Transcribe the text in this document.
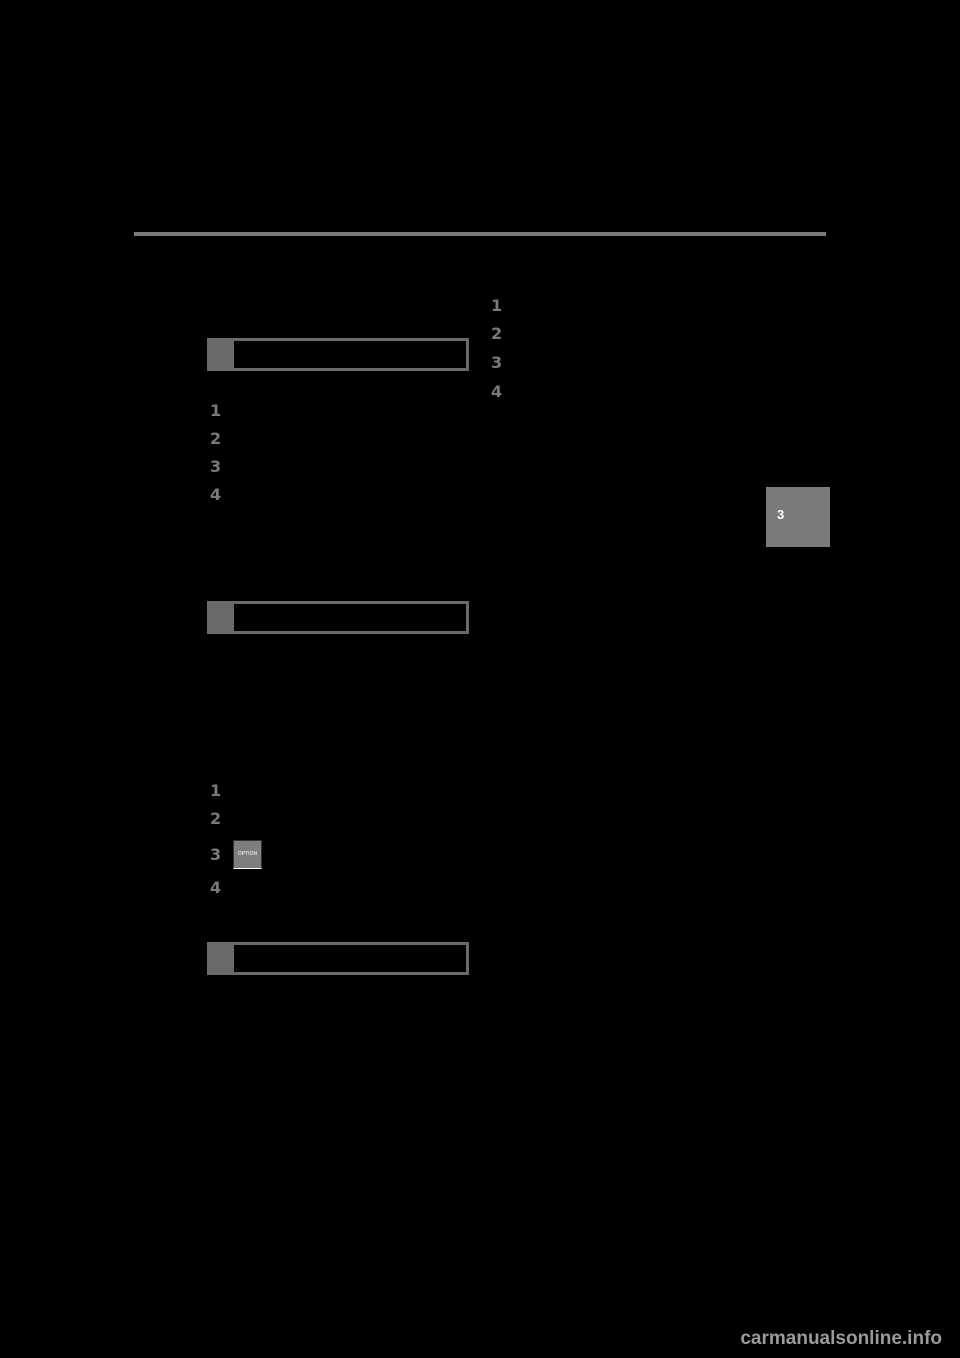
1
2
3
4
1
2
3
4
3
1
2
3	OPTION
4
carmanualsonline.info
